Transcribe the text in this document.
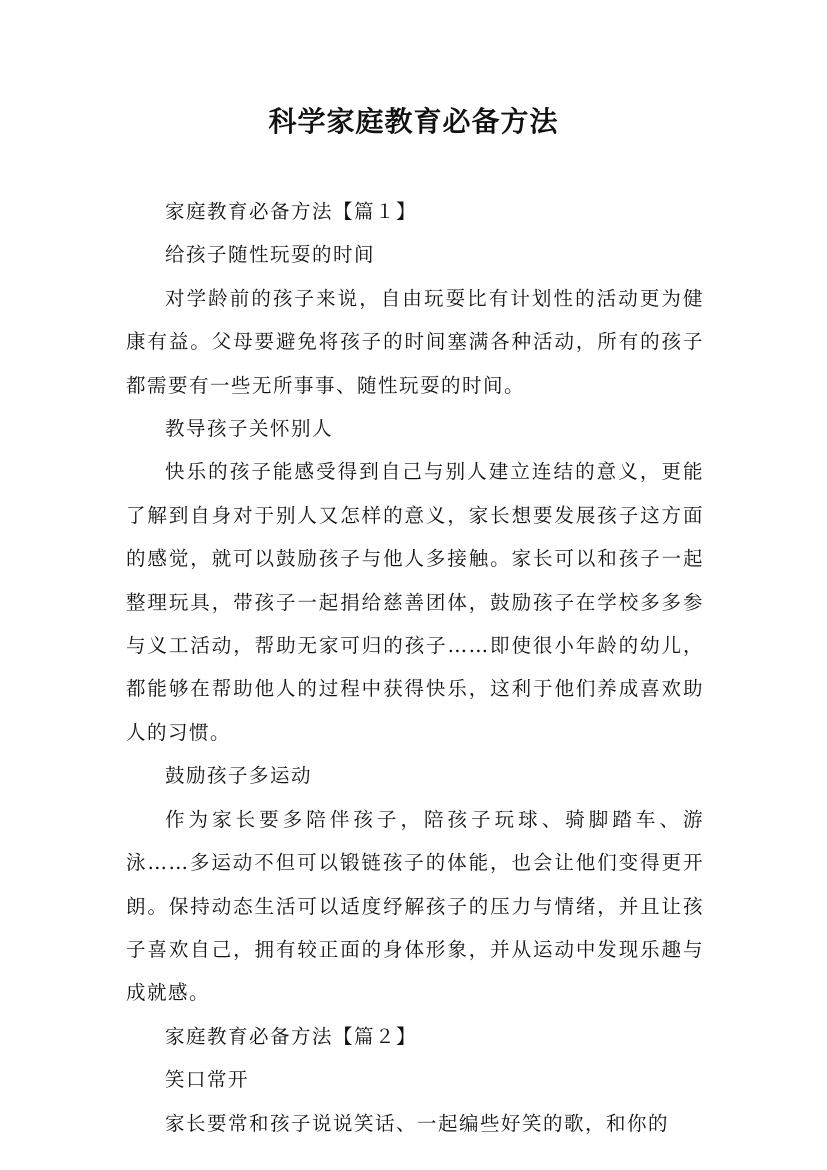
科学家庭教育必备方法

家庭教育必备方法【篇１】

给孩子随性玩耍的时间

对学龄前的孩子来说，自由玩耍比有计划性的活动更为健康有益。父母要避免将孩子的时间塞满各种活动，所有的孩子都需要有一些无所事事、随性玩耍的时间。

教导孩子关怀别人

快乐的孩子能感受得到自己与别人建立连结的意义，更能了解到自身对于别人又怎样的意义，家长想要发展孩子这方面的感觉，就可以鼓励孩子与他人多接触。家长可以和孩子一起整理玩具，带孩子一起捐给慈善团体，鼓励孩子在学校多多参与义工活动，帮助无家可归的孩子……即使很小年龄的幼儿，都能够在帮助他人的过程中获得快乐，这利于他们养成喜欢助人的习惯。

鼓励孩子多运动

作为家长要多陪伴孩子，陪孩子玩球、骑脚踏车、游泳……多运动不但可以锻链孩子的体能，也会让他们变得更开朗。保持动态生活可以适度纾解孩子的压力与情绪，并且让孩子喜欢自己，拥有较正面的身体形象，并从运动中发现乐趣与成就感。

家庭教育必备方法【篇２】

笑口常开

家长要常和孩子说说笑话、一起编些好笑的歌，和你的
